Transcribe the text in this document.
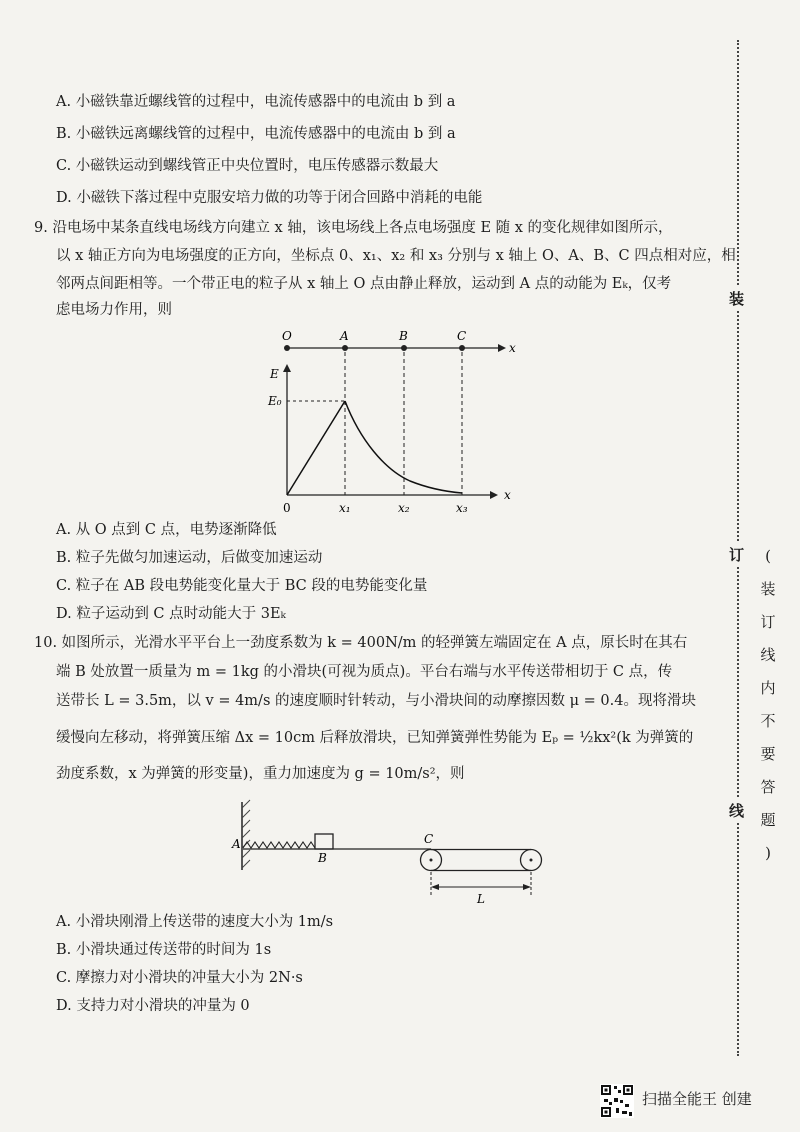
A. 小磁铁靠近螺线管的过程中，电流传感器中的电流由 b 到 a
B. 小磁铁远离螺线管的过程中，电流传感器中的电流由 b 到 a
C. 小磁铁运动到螺线管正中央位置时，电压传感器示数最大
D. 小磁铁下落过程中克服安培力做的功等于闭合回路中消耗的电能
9. 沿电场中某条直线电场线方向建立 x 轴，该电场线上各点电场强度 E 随 x 的变化规律如图所示，
以 x 轴正方向为电场强度的正方向，坐标点 0、x₁、x₂ 和 x₃ 分别与 x 轴上 O、A、B、C 四点相对应，相
邻两点间距相等。一个带正电的粒子从 x 轴上 O 点由静止释放，运动到 A 点的动能为 Eₖ，仅考
虑电场力作用，则
O	A	B	C
x
E
E₀
x
0	x₁	x₂	x₃
A
B
C
L
A. 从 O 点到 C 点，电势逐渐降低
B. 粒子先做匀加速运动，后做变加速运动
C. 粒子在 AB 段电势能变化量大于 BC 段的电势能变化量
D. 粒子运动到 C 点时动能大于 3Eₖ
10. 如图所示，光滑水平平台上一劲度系数为 k = 400N/m 的轻弹簧左端固定在 A 点，原长时在其右
端 B 处放置一质量为 m = 1kg 的小滑块(可视为质点)。平台右端与水平传送带相切于 C 点，传
送带长 L = 3.5m，以 v = 4m/s 的速度顺时针转动，与小滑块间的动摩擦因数 μ = 0.4。现将滑块
缓慢向左移动，将弹簧压缩 Δx = 10cm 后释放滑块，已知弹簧弹性势能为 Eₚ = ½kx²(k 为弹簧的
劲度系数，x 为弹簧的形变量)，重力加速度为 g = 10m/s²，则
A. 小滑块刚滑上传送带的速度大小为 1m/s
B. 小滑块通过传送带的时间为 1s
C. 摩擦力对小滑块的冲量大小为 2N·s
D. 支持力对小滑块的冲量为 0
装
订
线
(
装
订
线
内
不
要
答
题
)
扫描全能王 创建
